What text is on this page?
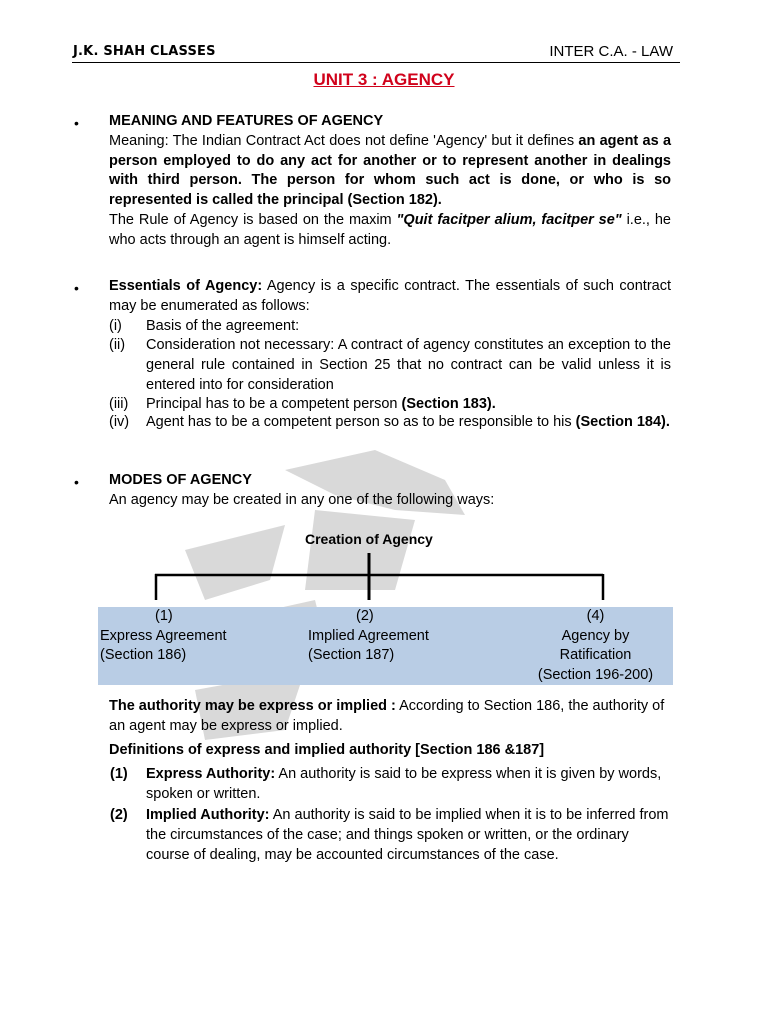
J.K. SHAH CLASSES	INTER C.A. - LAW
UNIT 3 : AGENCY
• MEANING AND FEATURES OF AGENCY
Meaning: The Indian Contract Act does not define 'Agency' but it defines an agent as a person employed to do any act for another or to represent another in dealings with third person. The person for whom such act is done, or who is so represented is called the principal (Section 182).
The Rule of Agency is based on the maxim "Quit facitper alium, facitper se" i.e., he who acts through an agent is himself acting.
• Essentials of Agency: Agency is a specific contract. The essentials of such contract may be enumerated as follows:
(i) Basis of the agreement:
(ii) Consideration not necessary: A contract of agency constitutes an exception to the general rule contained in Section 25 that no contract can be valid unless it is entered into for consideration
(iii) Principal has to be a competent person (Section 183).
(iv) Agent has to be a competent person so as to be responsible to his (Section 184).
• MODES OF AGENCY
An agency may be created in any one of the following ways:
Creation of Agency
(1)
Express Agreement
(Section 186)
(2)
Implied Agreement
(Section 187)
(4)
Agency by
Ratification
(Section 196-200)
The authority may be express or implied : According to Section 186, the authority of an agent may be express or implied.
Definitions of express and implied authority [Section 186 &187]
(1) Express Authority: An authority is said to be express when it is given by words, spoken or written.
(2) Implied Authority: An authority is said to be implied when it is to be inferred from the circumstances of the case; and things spoken or written, or the ordinary course of dealing, may be accounted circumstances of the case.
